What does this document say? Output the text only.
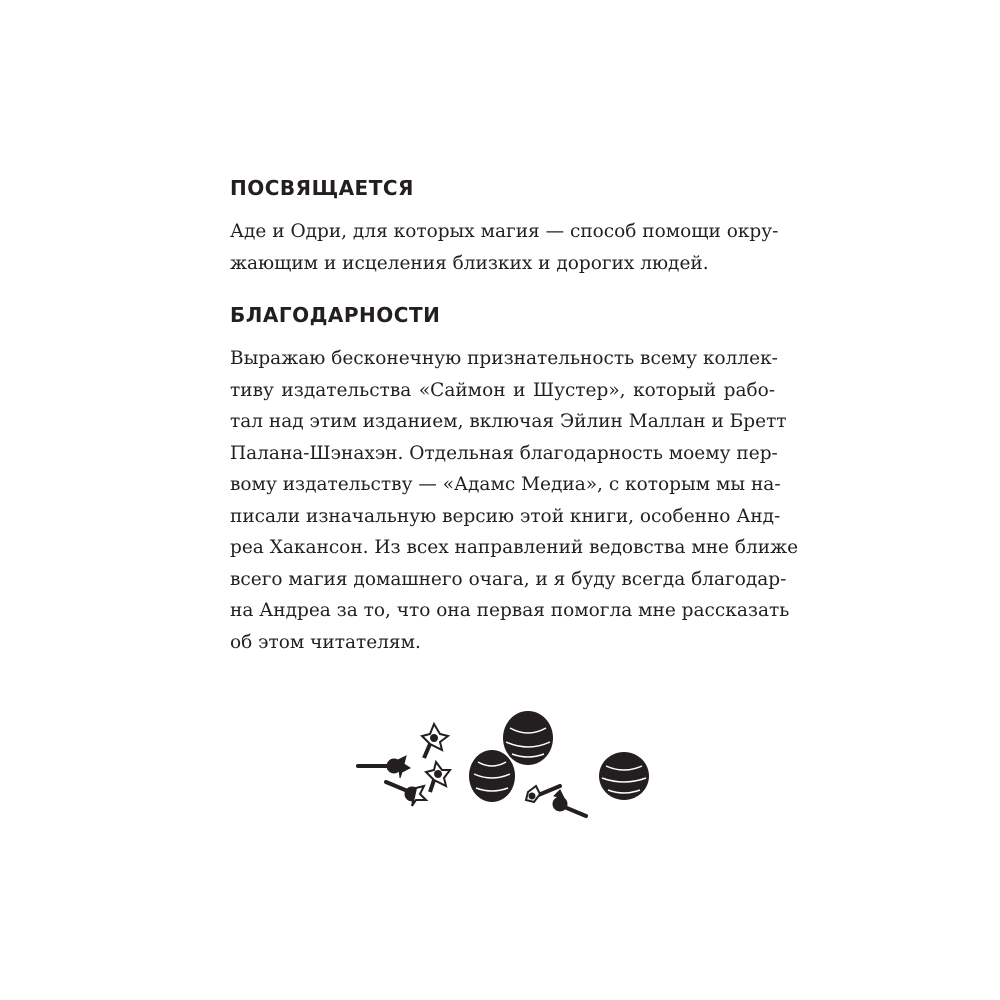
ПОСВЯЩАЕТСЯ
Аде и Одри, для которых магия — способ помощи окру-
жающим и исцеления близких и дорогих людей.
БЛАГОДАРНОСТИ
Выражаю бесконечную признательность всему коллек-
тиву издательства «Саймон и Шустер», который рабо-
тал над этим изданием, включая Эйлин Маллан и Бретт
Палана-Шэнахэн. Отдельная благодарность моему пер-
вому издательству — «Адамс Медиа», с которым мы на-
писали изначальную версию этой книги, особенно Анд-
реа Хакансон. Из всех направлений ведовства мне ближе
всего магия домашнего очага, и я буду всегда благодар-
на Андреа за то, что она первая помогла мне рассказать
об этом читателям.
